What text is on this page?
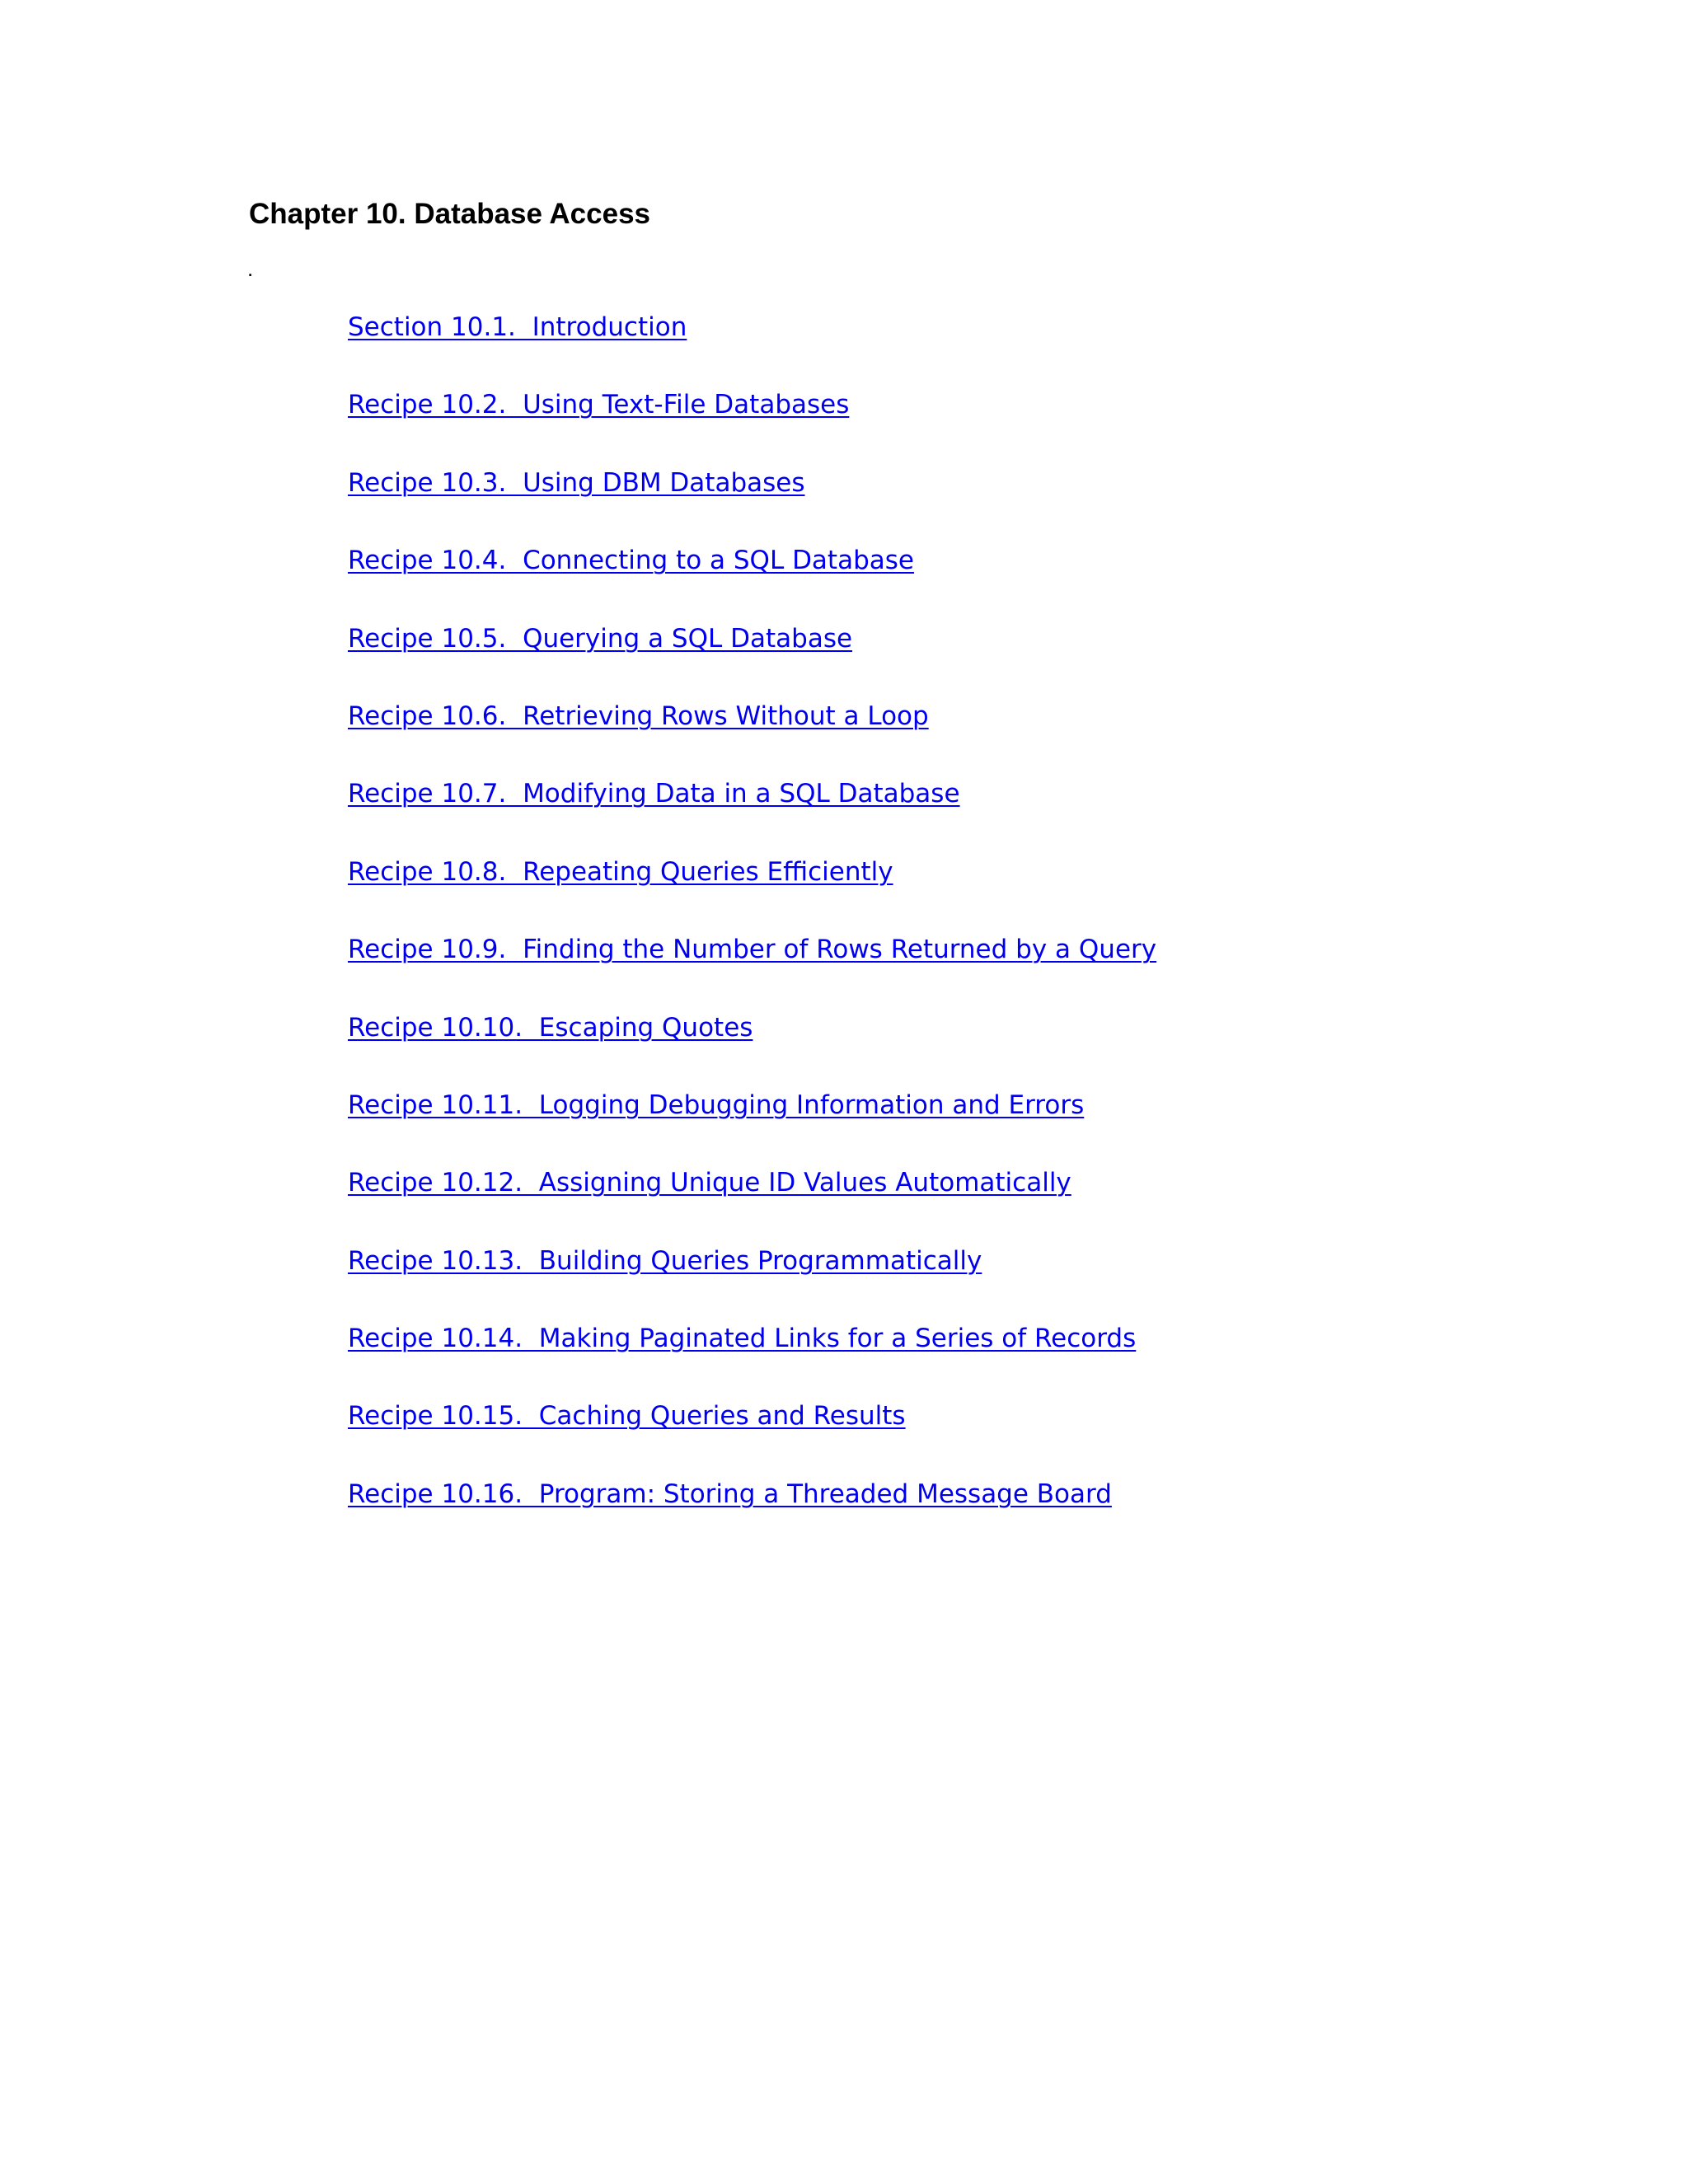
Chapter 10. Database Access
.
Section 10.1.  Introduction
Recipe 10.2.  Using Text-File Databases
Recipe 10.3.  Using DBM Databases
Recipe 10.4.  Connecting to a SQL Database
Recipe 10.5.  Querying a SQL Database
Recipe 10.6.  Retrieving Rows Without a Loop
Recipe 10.7.  Modifying Data in a SQL Database
Recipe 10.8.  Repeating Queries Efficiently
Recipe 10.9.  Finding the Number of Rows Returned by a Query
Recipe 10.10.  Escaping Quotes
Recipe 10.11.  Logging Debugging Information and Errors
Recipe 10.12.  Assigning Unique ID Values Automatically
Recipe 10.13.  Building Queries Programmatically
Recipe 10.14.  Making Paginated Links for a Series of Records
Recipe 10.15.  Caching Queries and Results
Recipe 10.16.  Program: Storing a Threaded Message Board
